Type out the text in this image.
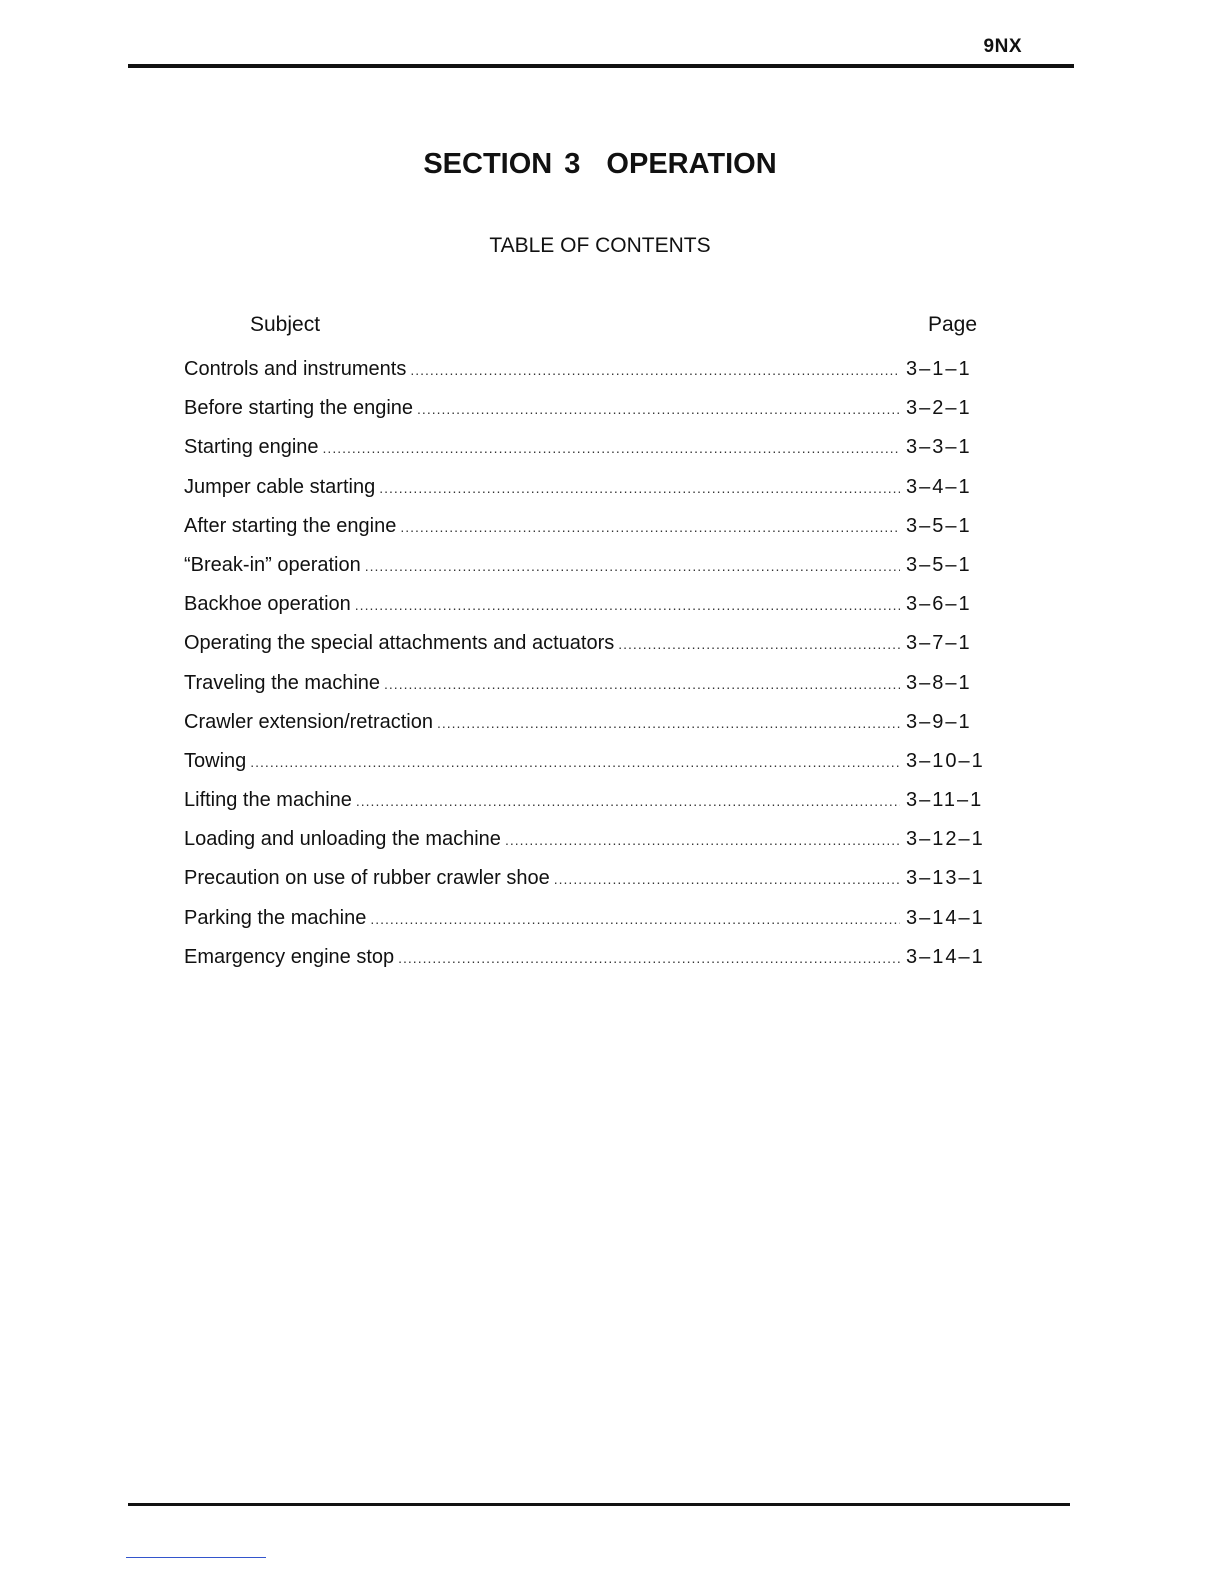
9NX
SECTION 3 OPERATION
TABLE OF CONTENTS
Subject	Page
Controls and instruments .....	3–1–1
Before starting the engine .....	3–2–1
Starting engine .....	3–3–1
Jumper cable starting .....	3–4–1
After starting the engine .....	3–5–1
“Break-in” operation .....	3–5–1
Backhoe operation .....	3–6–1
Operating the special attachments and actuators .....	3–7–1
Traveling the machine .....	3–8–1
Crawler extension/retraction .....	3–9–1
Towing .....	3–10–1
Lifting the machine .....	3–11–1
Loading and unloading the machine .....	3–12–1
Precaution on use of rubber crawler shoe .....	3–13–1
Parking the machine .....	3–14–1
Emargency engine stop .....	3–14–1
